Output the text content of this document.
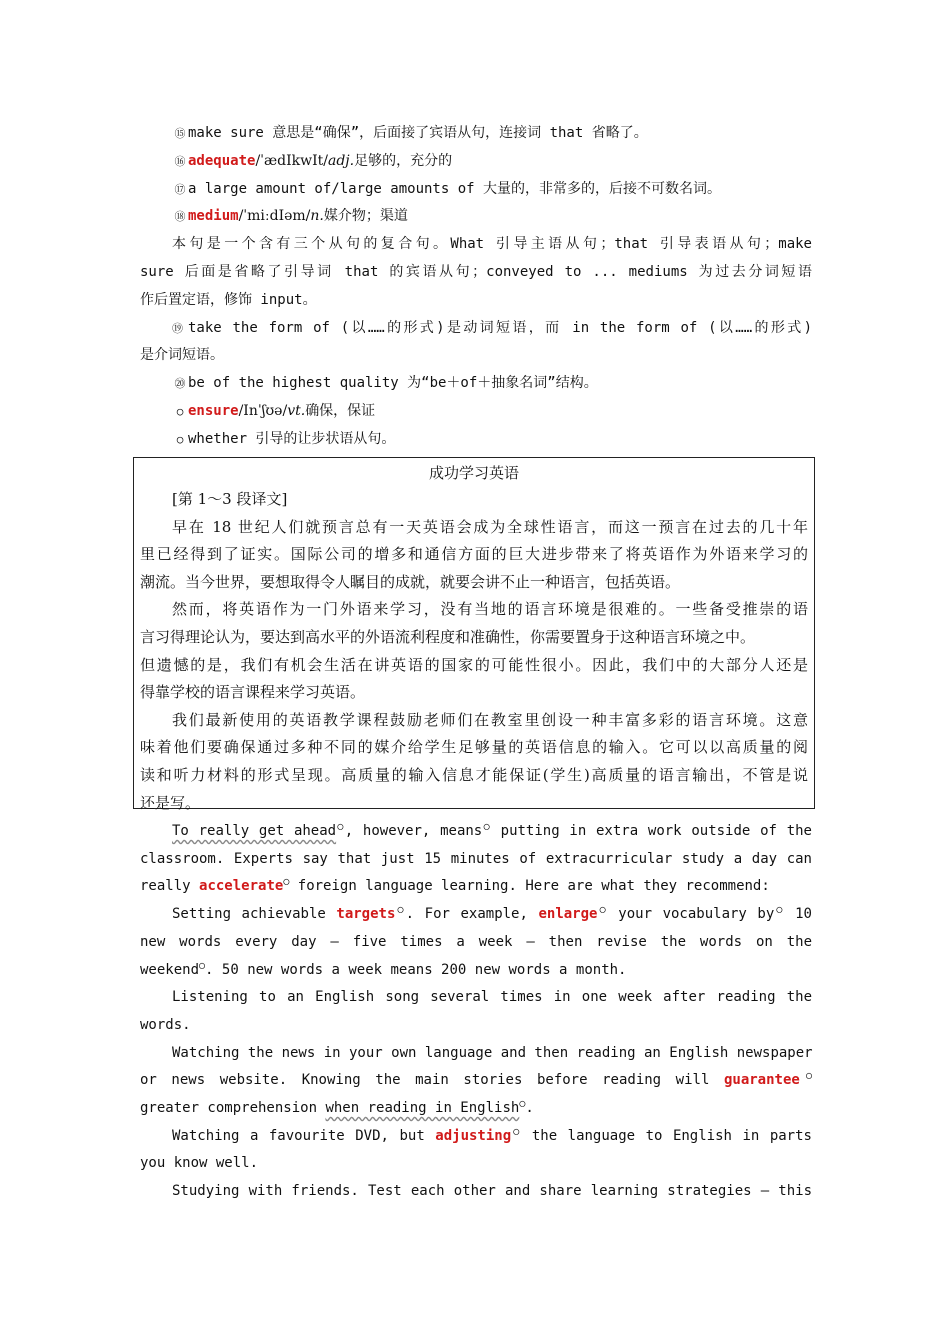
⑮ make sure 意思是“确保”，后面接了宾语从句，连接词 that 省略了。
⑯ adequate/ˈædIkwIt/adj.足够的，充分的
⑰ a large amount of/large amounts of 大量的，非常多的，后接不可数名词。
⑱ medium/ˈmiːdIəm/n.媒介物；渠道
本句是一个含有三个从句的复合句。What 引导主语从句；that 引导表语从句；make
sure 后面是省略了引导词 that 的宾语从句；conveyed to ... mediums 为过去分词短语
作后置定语，修饰 input。
⑲ take the form of (以……的形式)是动词短语，而 in the form of (以……的形式)
是介词短语。
⑳ be of the highest quality 为“be＋of＋抽象名词”结构。
○ ensure/Inˈʃʊə/vt.确保，保证
○ whether 引导的让步状语从句。
成功学习英语
[第 1～3 段译文]
早在 18 世纪人们就预言总有一天英语会成为全球性语言，而这一预言在过去的几十年
里已经得到了证实。国际公司的增多和通信方面的巨大进步带来了将英语作为外语来学习的
潮流。当今世界，要想取得令人瞩目的成就，就要会讲不止一种语言，包括英语。
然而，将英语作为一门外语来学习，没有当地的语言环境是很难的。一些备受推崇的语
言习得理论认为，要达到高水平的外语流利程度和准确性，你需要置身于这种语言环境之中。
但遗憾的是，我们有机会生活在讲英语的国家的可能性很小。因此，我们中的大部分人还是
得靠学校的语言课程来学习英语。
我们最新使用的英语教学课程鼓励老师们在教室里创设一种丰富多彩的语言环境。这意
味着他们要确保通过多种不同的媒介给学生足够量的英语信息的输入。它可以以高质量的阅
读和听力材料的形式呈现。高质量的输入信息才能保证(学生)高质量的语言输出，不管是说
还是写。
To really get ahead○, however, means○ putting in extra work outside of the
classroom. Experts say that just 15 minutes of extracurricular study a day can
really accelerate○ foreign language learning. Here are what they recommend:
Setting achievable targets○. For example, enlarge○ your vocabulary by○ 10
new words every day — five times a week — then revise the words on the
weekend○. 50 new words a week means 200 new words a month.
Listening to an English song several times in one week after reading the
words.
Watching the news in your own language and then reading an English newspaper
or news website. Knowing the main stories before reading will guarantee○
greater comprehension when reading in English○.
Watching a favourite DVD, but adjusting○ the language to English in parts
you know well.
Studying with friends. Test each other and share learning strategies — this
